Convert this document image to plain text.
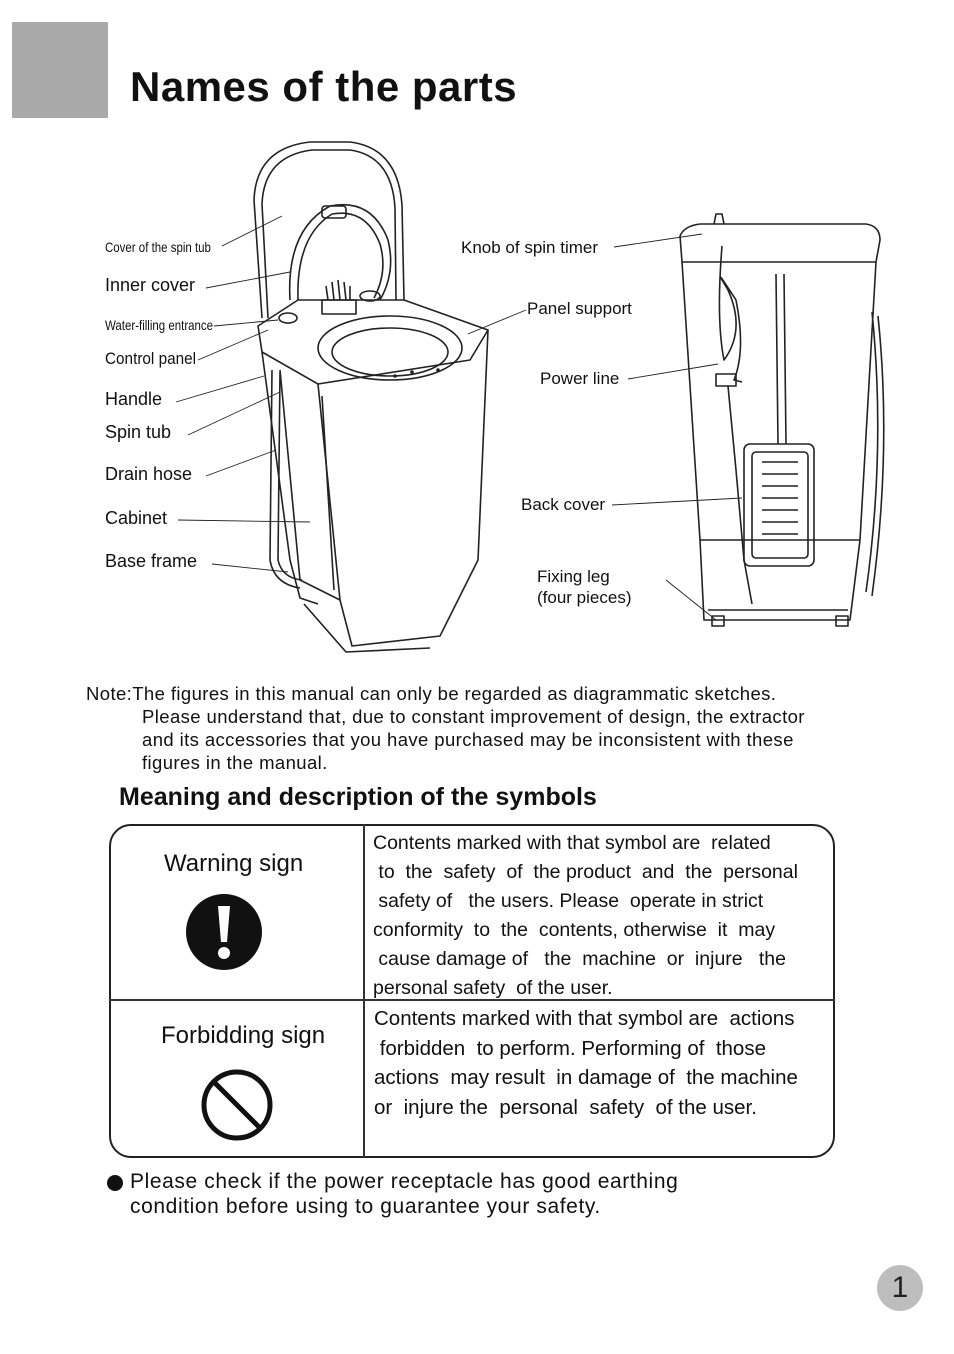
Names of the parts
Cover of the spin tub
Inner cover
Water-filling entrance
Control panel
Handle
Spin tub
Drain hose
Cabinet
Base frame
Knob of spin timer
Panel support
Power line
Back cover
Fixing leg
(four pieces)
Note:The figures in this manual can only be regarded as diagrammatic sketches.
Please understand that, due to constant improvement of design, the extractor
and its accessories that you have purchased may be inconsistent with these
figures in the manual.
Meaning and description of the symbols
Warning sign
Contents marked with that symbol are  related
to  the  safety  of  the product  and  the  personal
safety of   the users. Please  operate in strict
conformity  to  the  contents, otherwise  it  may
cause damage of   the  machine  or  injure   the
personal safety  of the user.
Forbidding sign
Contents marked with that symbol are  actions
forbidden  to perform. Performing of  those
actions  may result  in damage of  the machine
or  injure the  personal  safety  of the user.
Please check if the power receptacle has good earthing
condition before using to guarantee your safety.
1
